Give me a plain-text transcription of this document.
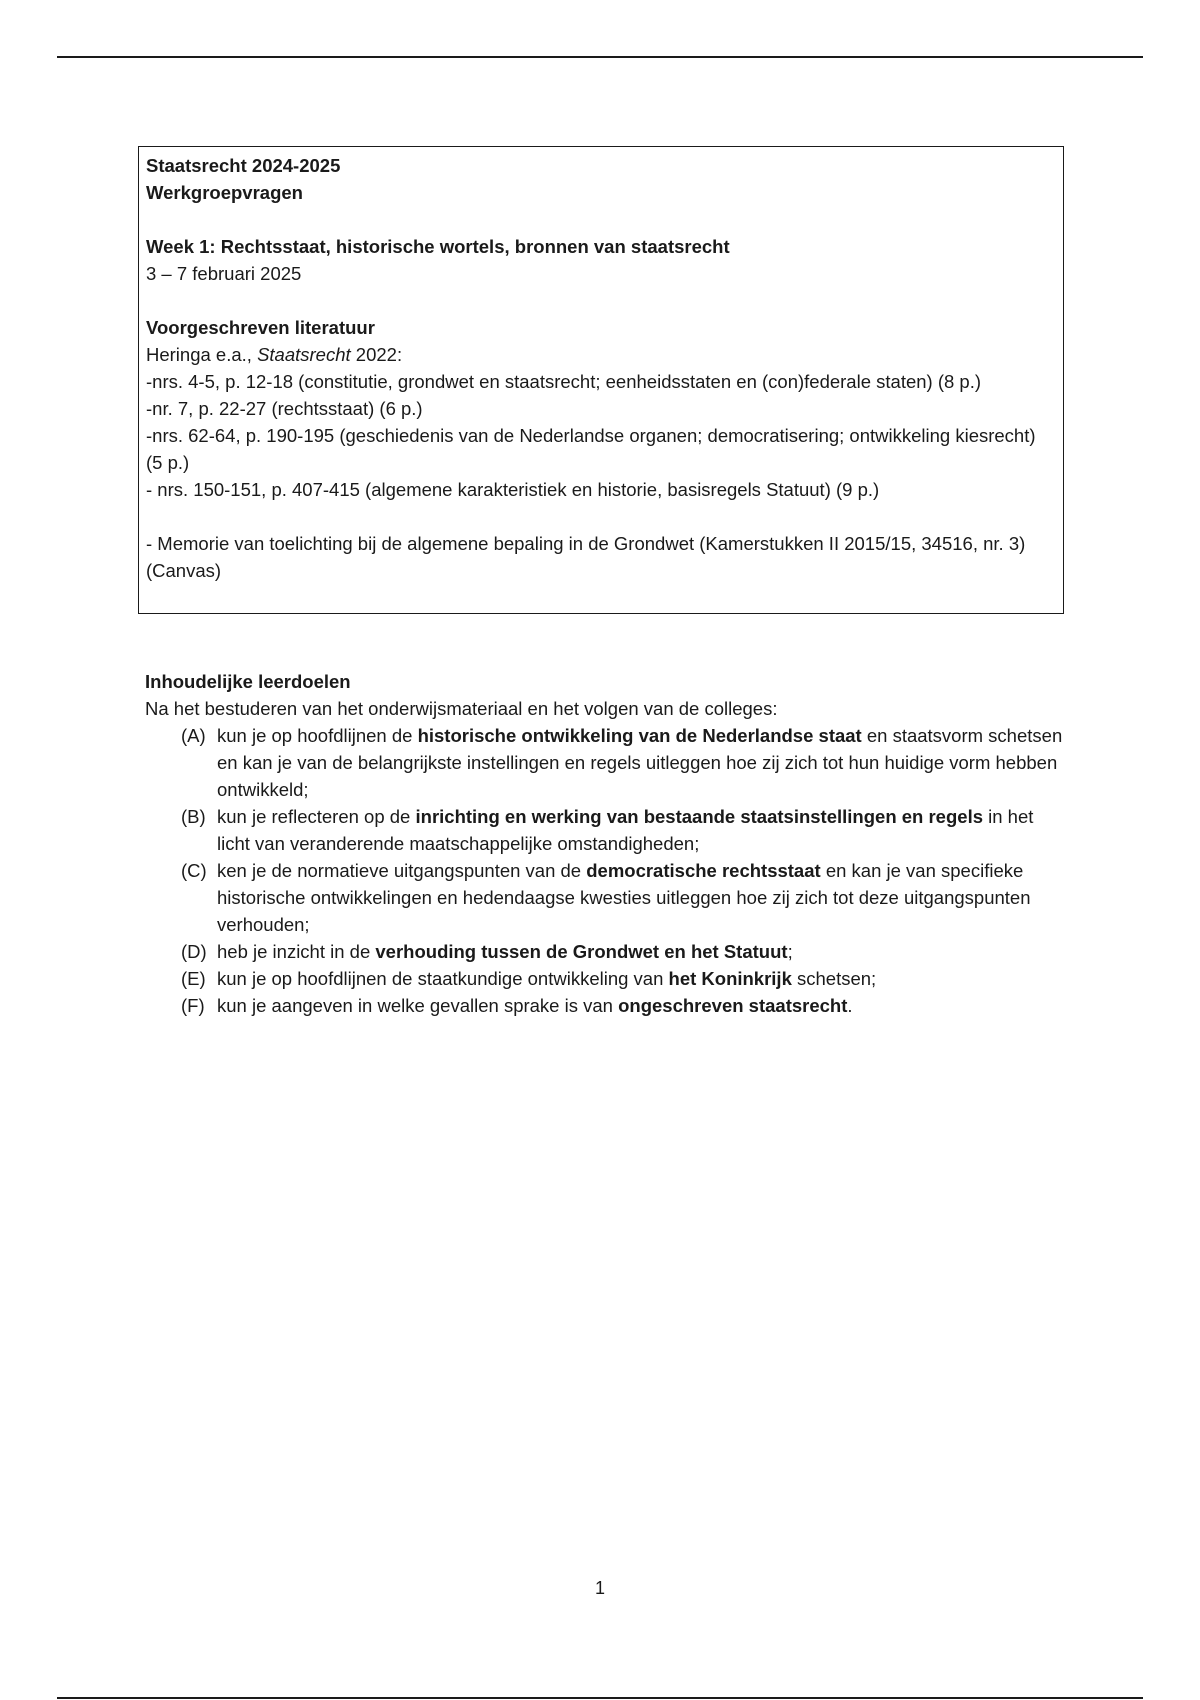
Staatsrecht 2024-2025

Werkgroepvragen

Week 1: Rechtsstaat, historische wortels, bronnen van staatsrecht

3 – 7 februari 2025

Voorgeschreven literatuur

Heringa e.a., Staatsrecht 2022:

-nrs. 4-5, p. 12-18 (constitutie, grondwet en staatsrecht; eenheidsstaten en (con)federale staten) (8 p.)

-nr. 7, p. 22-27 (rechtsstaat) (6 p.)

-nrs. 62-64, p. 190-195 (geschiedenis van de Nederlandse organen; democratisering; ontwikkeling kiesrecht) (5 p.)

- nrs. 150-151, p. 407-415 (algemene karakteristiek en historie, basisregels Statuut) (9 p.)

- Memorie van toelichting bij de algemene bepaling in de Grondwet (Kamerstukken II 2015/15, 34516, nr. 3) (Canvas)

Inhoudelijke leerdoelen

Na het bestuderen van het onderwijsmateriaal en het volgen van de colleges:

(A) kun je op hoofdlijnen de historische ontwikkeling van de Nederlandse staat en staatsvorm schetsen en kan je van de belangrijkste instellingen en regels uitleggen hoe zij zich tot hun huidige vorm hebben ontwikkeld;
(B) kun je reflecteren op de inrichting en werking van bestaande staatsinstellingen en regels in het licht van veranderende maatschappelijke omstandigheden;
(C) ken je de normatieve uitgangspunten van de democratische rechtsstaat en kan je van specifieke historische ontwikkelingen en hedendaagse kwesties uitleggen hoe zij zich tot deze uitgangspunten verhouden;
(D) heb je inzicht in de verhouding tussen de Grondwet en het Statuut;
(E) kun je op hoofdlijnen de staatkundige ontwikkeling van het Koninkrijk schetsen;
(F) kun je aangeven in welke gevallen sprake is van ongeschreven staatsrecht.
1
